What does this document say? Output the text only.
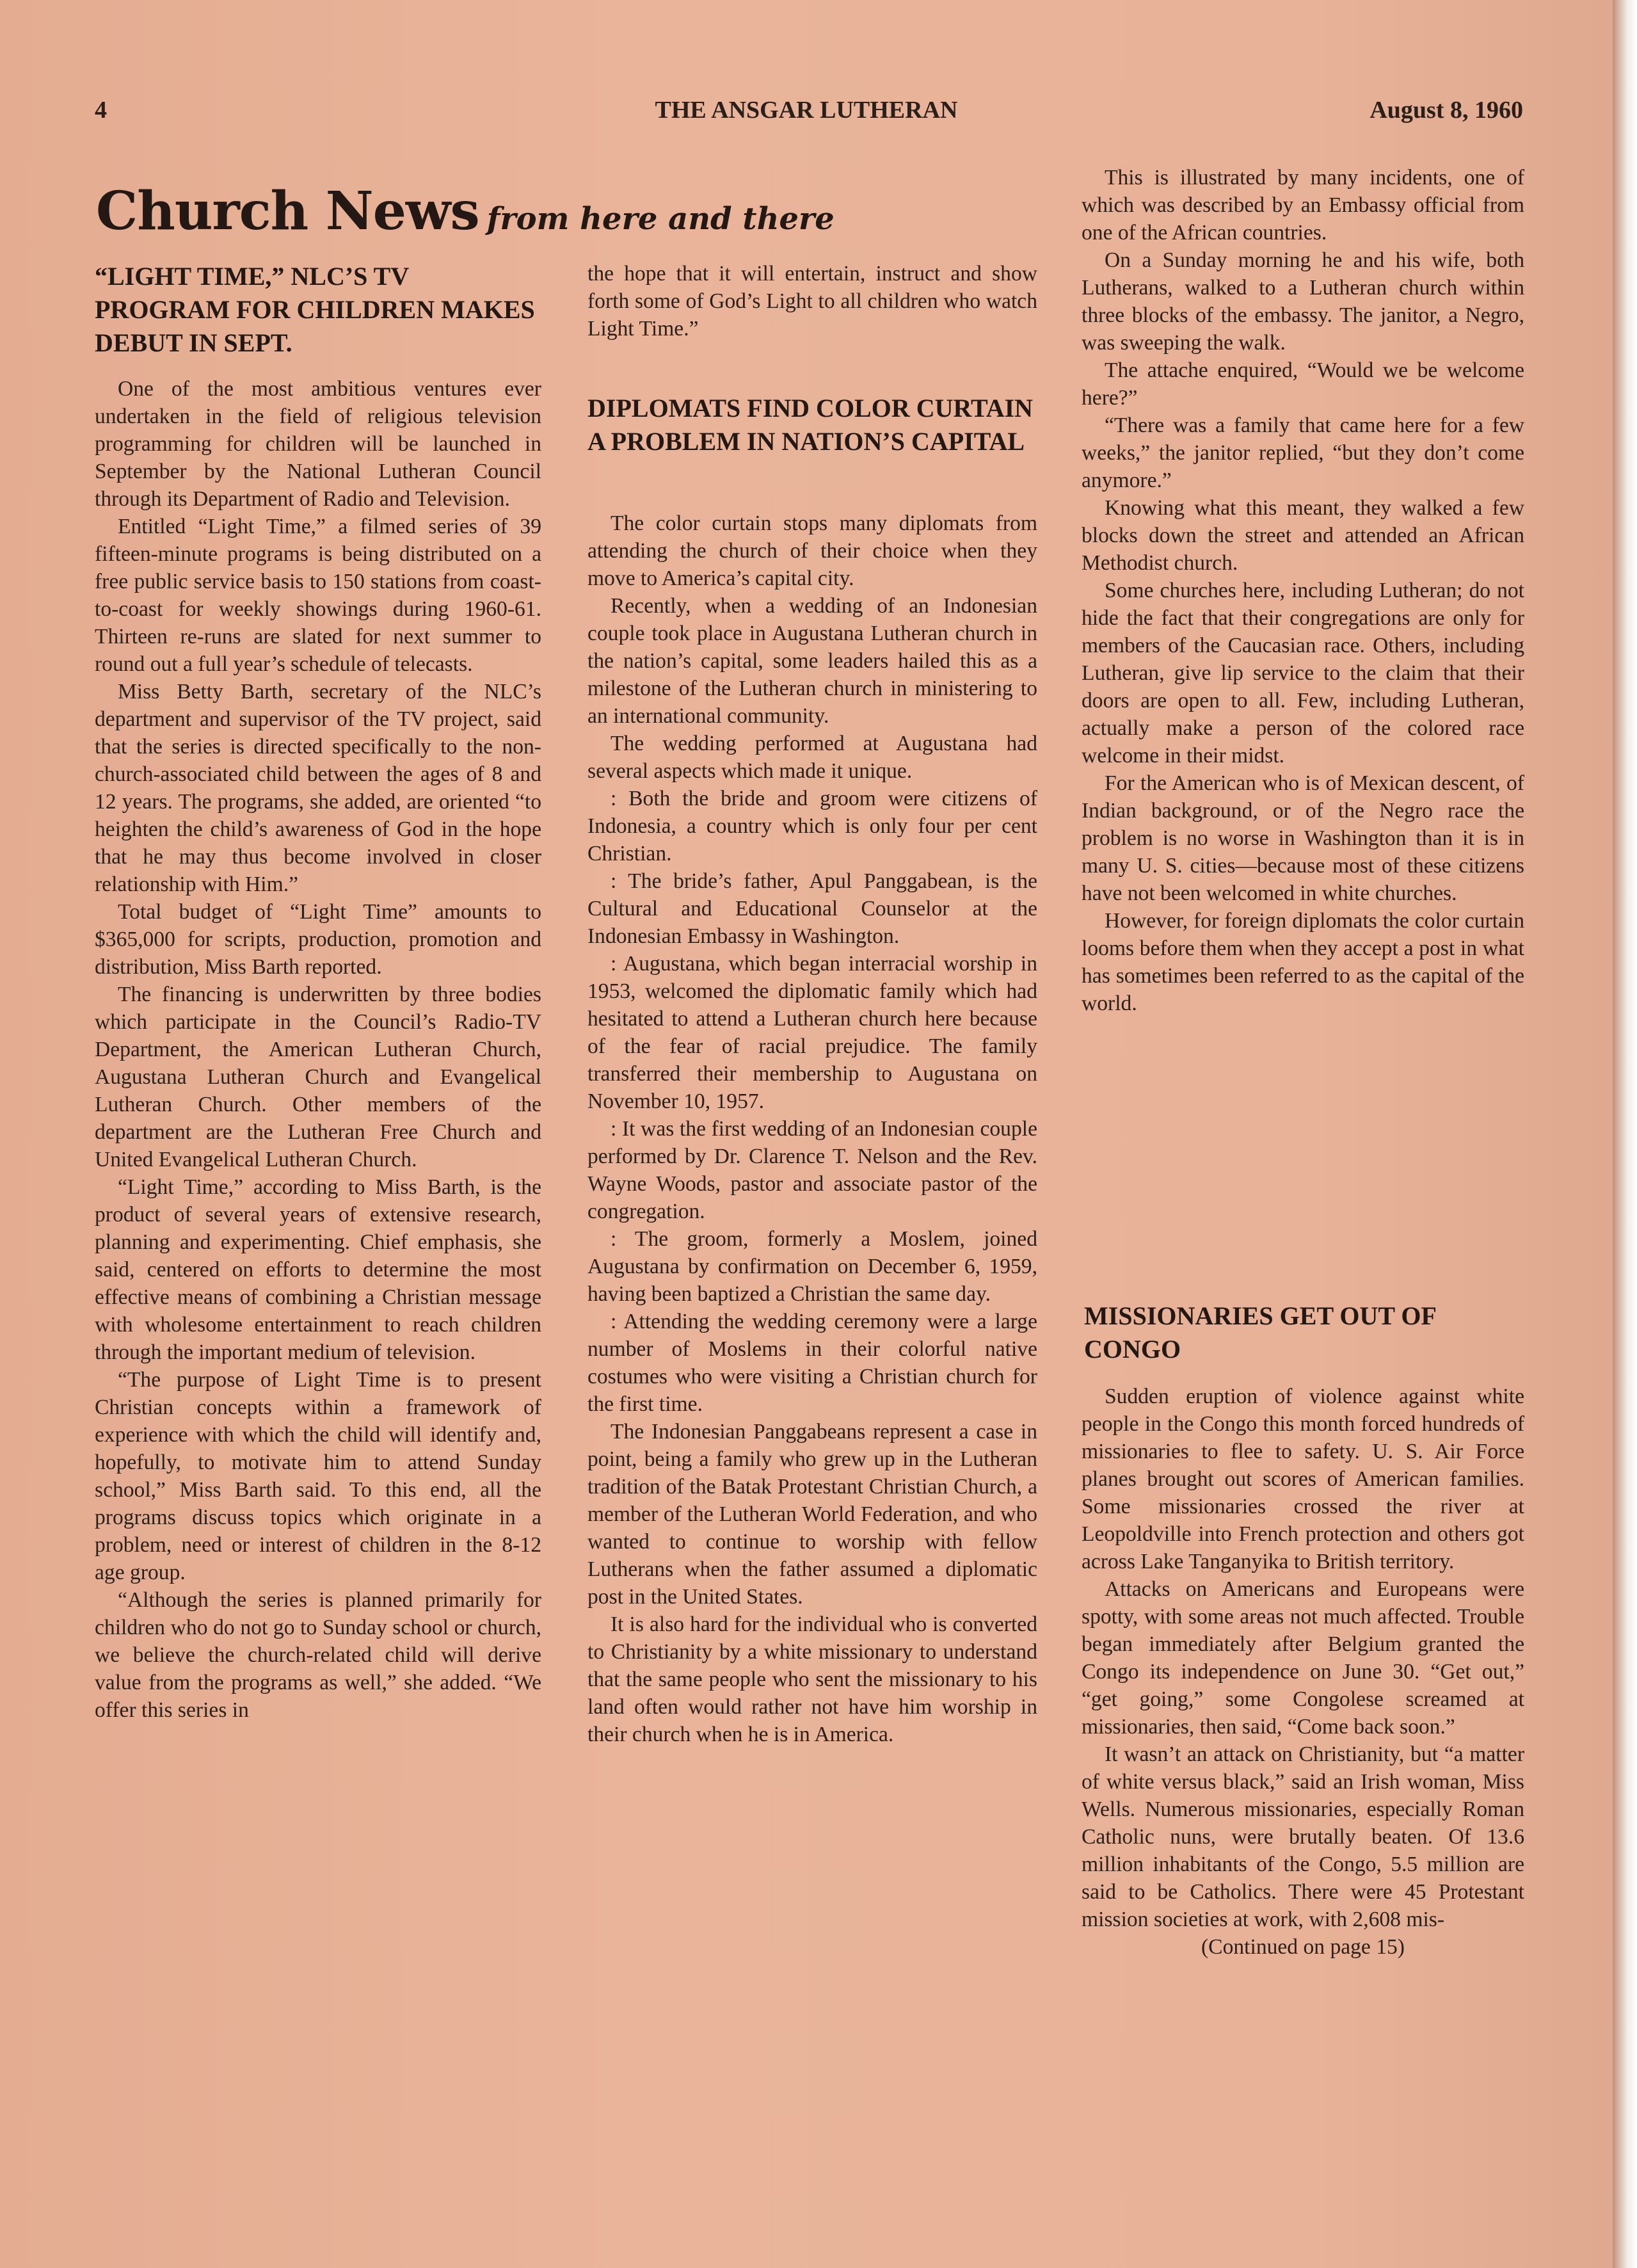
4	THE ANSGAR LUTHERAN	August 8, 1960
Church News from here and there
“LIGHT TIME,” NLC’S TV PROGRAM FOR CHILDREN MAKES DEBUT IN SEPT.

One of the most ambitious ventures ever undertaken in the field of religious television programming for children will be launched in September by the National Lutheran Council through its Department of Radio and Television.

Entitled “Light Time,” a filmed series of 39 fifteen-minute programs is being distributed on a free public service basis to 150 stations from coast-to-coast for weekly showings during 1960-61. Thirteen re-runs are slated for next summer to round out a full year’s schedule of telecasts.

Miss Betty Barth, secretary of the NLC’s department and supervisor of the TV project, said that the series is directed specifically to the non-church-associated child between the ages of 8 and 12 years. The programs, she added, are oriented “to heighten the child’s awareness of God in the hope that he may thus become involved in closer relationship with Him.”

Total budget of “Light Time” amounts to $365,000 for scripts, production, promotion and distribution, Miss Barth reported.

The financing is underwritten by three bodies which participate in the Council’s Radio-TV Department, the American Lutheran Church, Augustana Lutheran Church and Evangelical Lutheran Church. Other members of the department are the Lutheran Free Church and United Evangelical Lutheran Church.

“Light Time,” according to Miss Barth, is the product of several years of extensive research, planning and experimenting. Chief emphasis, she said, centered on efforts to determine the most effective means of combining a Christian message with wholesome entertainment to reach children through the important medium of television.

“The purpose of Light Time is to present Christian concepts within a framework of experience with which the child will identify and, hopefully, to motivate him to attend Sunday school,” Miss Barth said. To this end, all the programs discuss topics which originate in a problem, need or interest of children in the 8-12 age group.

“Although the series is planned primarily for children who do not go to Sunday school or church, we believe the church-related child will derive value from the programs as well,” she added. “We offer this series in

the hope that it will entertain, instruct and show forth some of God’s Light to all children who watch Light Time.”

DIPLOMATS FIND COLOR CURTAIN A PROBLEM IN NATION’S CAPITAL

The color curtain stops many diplomats from attending the church of their choice when they move to America’s capital city.

Recently, when a wedding of an Indonesian couple took place in Augustana Lutheran church in the nation’s capital, some leaders hailed this as a milestone of the Lutheran church in ministering to an international community.

The wedding performed at Augustana had several aspects which made it unique.

: Both the bride and groom were citizens of Indonesia, a country which is only four per cent Christian.

: The bride’s father, Apul Panggabean, is the Cultural and Educational Counselor at the Indonesian Embassy in Washington.

: Augustana, which began interracial worship in 1953, welcomed the diplomatic family which had hesitated to attend a Lutheran church here because of the fear of racial prejudice. The family transferred their membership to Augustana on November 10, 1957.

: It was the first wedding of an Indonesian couple performed by Dr. Clarence T. Nelson and the Rev. Wayne Woods, pastor and associate pastor of the congregation.

: The groom, formerly a Moslem, joined Augustana by confirmation on December 6, 1959, having been baptized a Christian the same day.

: Attending the wedding ceremony were a large number of Moslems in their colorful native costumes who were visiting a Christian church for the first time.

The Indonesian Panggabeans represent a case in point, being a family who grew up in the Lutheran tradition of the Batak Protestant Christian Church, a member of the Lutheran World Federation, and who wanted to continue to worship with fellow Lutherans when the father assumed a diplomatic post in the United States.

It is also hard for the individual who is converted to Christianity by a white missionary to understand that the same people who sent the missionary to his land often would rather not have him worship in their church when he is in America.

This is illustrated by many incidents, one of which was described by an Embassy official from one of the African countries.

On a Sunday morning he and his wife, both Lutherans, walked to a Lutheran church within three blocks of the embassy. The janitor, a Negro, was sweeping the walk.

The attache enquired, “Would we be welcome here?”

“There was a family that came here for a few weeks,” the janitor replied, “but they don’t come anymore.”

Knowing what this meant, they walked a few blocks down the street and attended an African Methodist church.

Some churches here, including Lutheran; do not hide the fact that their congregations are only for members of the Caucasian race. Others, including Lutheran, give lip service to the claim that their doors are open to all. Few, including Lutheran, actually make a person of the colored race welcome in their midst.

For the American who is of Mexican descent, of Indian background, or of the Negro race the problem is no worse in Washington than it is in many U. S. cities—because most of these citizens have not been welcomed in white churches.

However, for foreign diplomats the color curtain looms before them when they accept a post in what has sometimes been referred to as the capital of the world.

MISSIONARIES GET OUT OF CONGO

Sudden eruption of violence against white people in the Congo this month forced hundreds of missionaries to flee to safety. U. S. Air Force planes brought out scores of American families. Some missionaries crossed the river at Leopoldville into French protection and others got across Lake Tanganyika to British territory.

Attacks on Americans and Europeans were spotty, with some areas not much affected. Trouble began immediately after Belgium granted the Congo its independence on June 30. “Get out,” “get going,” some Congolese screamed at missionaries, then said, “Come back soon.”

It wasn’t an attack on Christianity, but “a matter of white versus black,” said an Irish woman, Miss Wells. Numerous missionaries, especially Roman Catholic nuns, were brutally beaten. Of 13.6 million inhabitants of the Congo, 5.5 million are said to be Catholics. There were 45 Protestant mission societies at work, with 2,608 mis-

(Continued on page 15)
